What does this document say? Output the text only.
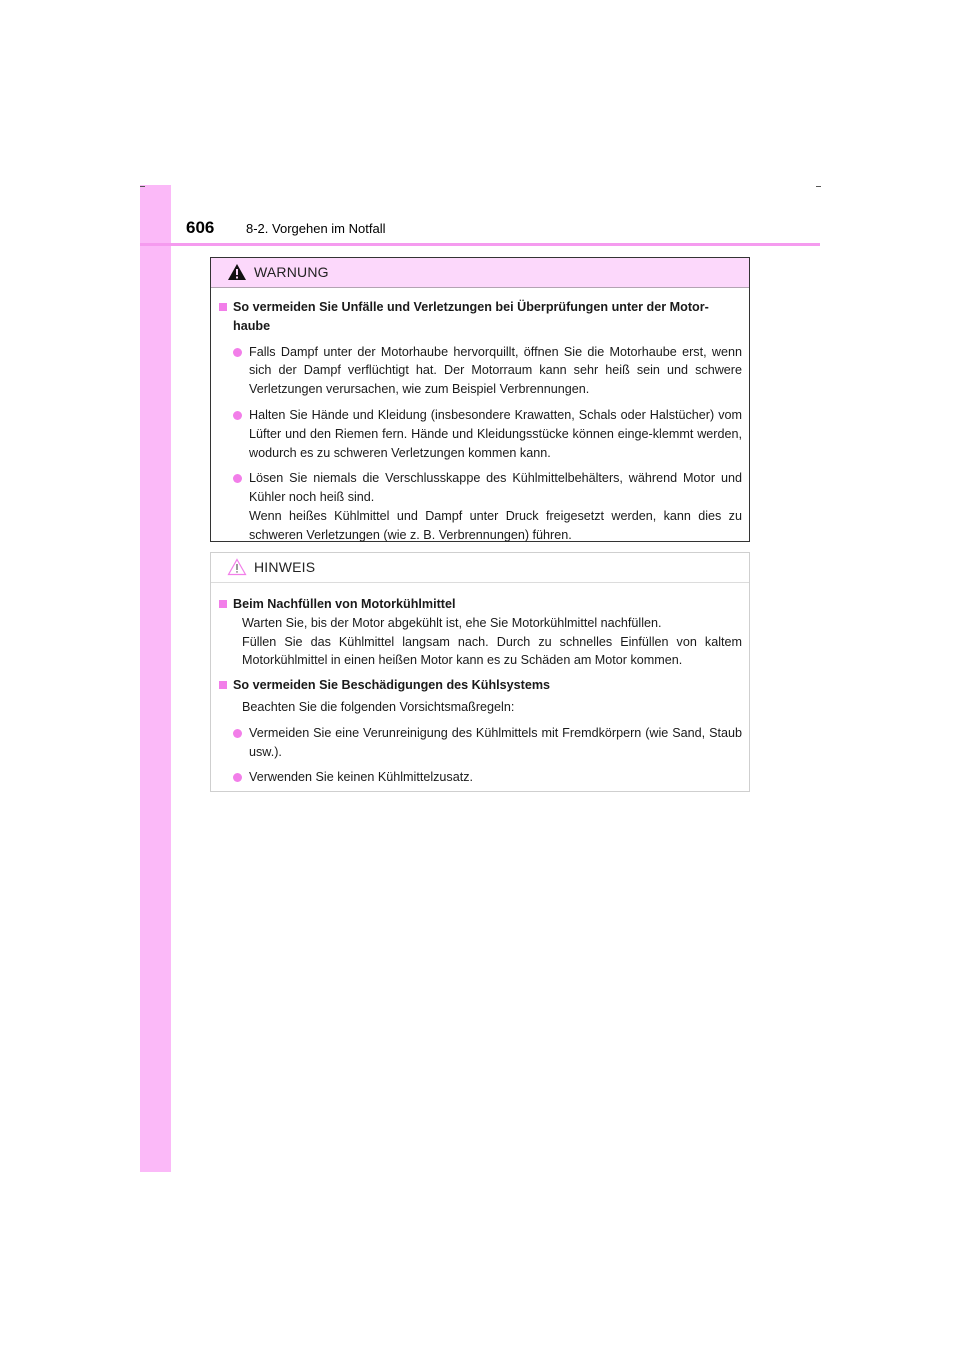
606 8-2. Vorgehen im Notfall
WARNUNG
So vermeiden Sie Unfälle und Verletzungen bei Überprüfungen unter der Motor-
haube
Falls Dampf unter der Motorhaube hervorquillt, öffnen Sie die Motorhaube erst, wenn sich der Dampf verflüchtigt hat. Der Motorraum kann sehr heiß sein und schwere Verletzungen verursachen, wie zum Beispiel Verbrennungen.
Halten Sie Hände und Kleidung (insbesondere Krawatten, Schals oder Halstücher) vom Lüfter und den Riemen fern. Hände und Kleidungsstücke können einge-klemmt werden, wodurch es zu schweren Verletzungen kommen kann.
Lösen Sie niemals die Verschlusskappe des Kühlmittelbehälters, während Motor und Kühler noch heiß sind.
Wenn heißes Kühlmittel und Dampf unter Druck freigesetzt werden, kann dies zu schweren Verletzungen (wie z. B. Verbrennungen) führen.
HINWEIS
Beim Nachfüllen von Motorkühlmittel
Warten Sie, bis der Motor abgekühlt ist, ehe Sie Motorkühlmittel nachfüllen.
Füllen Sie das Kühlmittel langsam nach. Durch zu schnelles Einfüllen von kaltem Motorkühlmittel in einen heißen Motor kann es zu Schäden am Motor kommen.
So vermeiden Sie Beschädigungen des Kühlsystems
Beachten Sie die folgenden Vorsichtsmaßregeln:
Vermeiden Sie eine Verunreinigung des Kühlmittels mit Fremdkörpern (wie Sand, Staub usw.).
Verwenden Sie keinen Kühlmittelzusatz.
